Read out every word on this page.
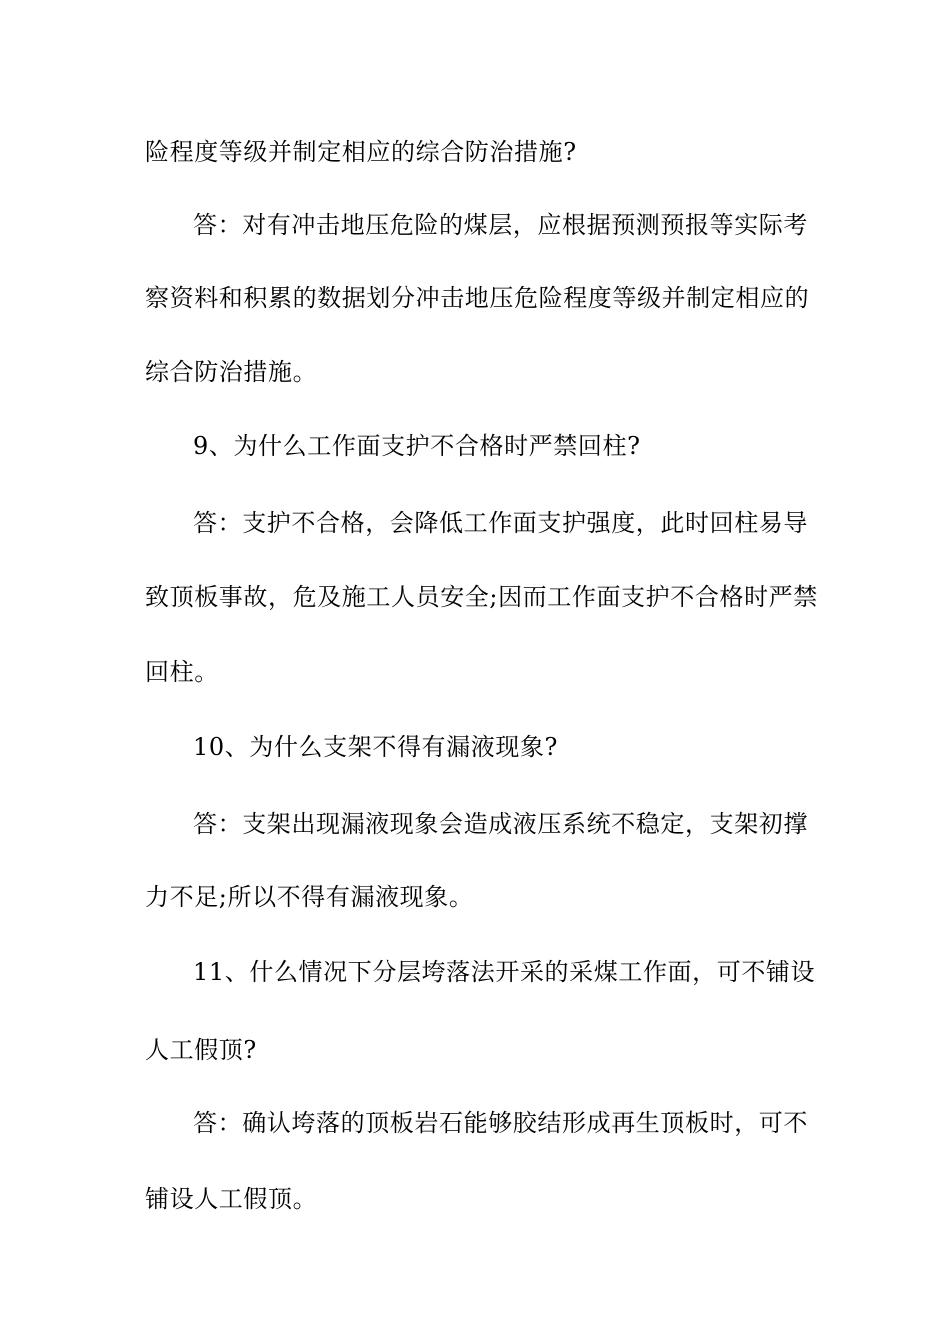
险程度等级并制定相应的综合防治措施?
答：对有冲击地压危险的煤层，应根据预测预报等实际考
察资料和积累的数据划分冲击地压危险程度等级并制定相应的
综合防治措施。
9、为什么工作面支护不合格时严禁回柱?
答：支护不合格，会降低工作面支护强度，此时回柱易导
致顶板事故，危及施工人员安全;因而工作面支护不合格时严禁
回柱。
10、为什么支架不得有漏液现象?
答：支架出现漏液现象会造成液压系统不稳定，支架初撑
力不足;所以不得有漏液现象。
11、什么情况下分层垮落法开采的采煤工作面，可不铺设
人工假顶?
答：确认垮落的顶板岩石能够胶结形成再生顶板时，可不
铺设人工假顶。
